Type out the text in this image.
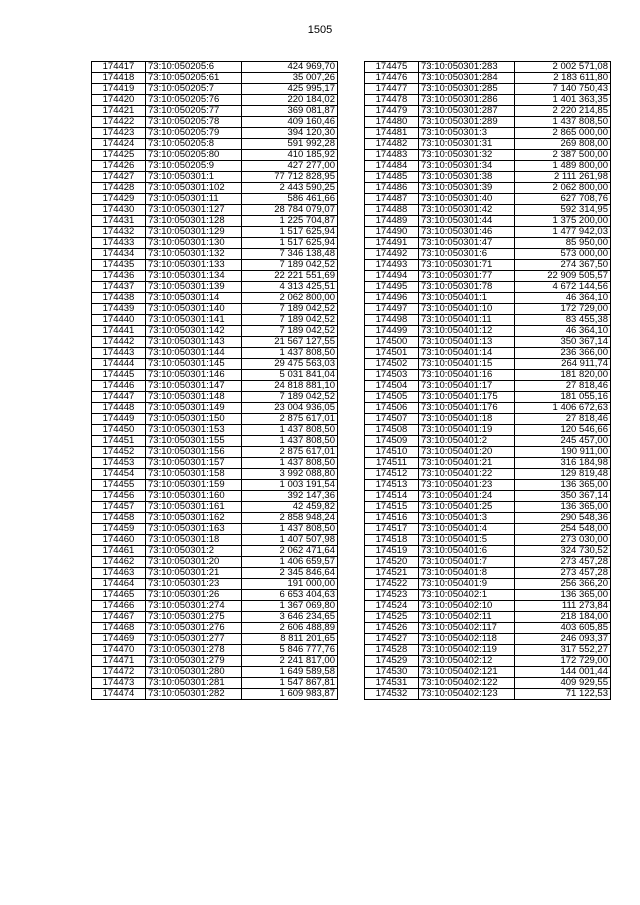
1505
174417	73:10:050205:6	424 969,70
174418	73:10:050205:61	35 007,26
174419	73:10:050205:7	425 995,17
174420	73:10:050205:76	220 184,02
174421	73:10:050205:77	369 081,87
174422	73:10:050205:78	409 160,46
174423	73:10:050205:79	394 120,30
174424	73:10:050205:8	591 992,28
174425	73:10:050205:80	410 185,92
174426	73:10:050205:9	427 277,00
174427	73:10:050301:1	77 712 828,95
174428	73:10:050301:102	2 443 590,25
174429	73:10:050301:11	586 461,66
174430	73:10:050301:127	28 784 079,07
174431	73:10:050301:128	1 225 704,87
174432	73:10:050301:129	1 517 625,94
174433	73:10:050301:130	1 517 625,94
174434	73:10:050301:132	7 346 138,48
174435	73:10:050301:133	7 189 042,52
174436	73:10:050301:134	22 221 551,69
174437	73:10:050301:139	4 313 425,51
174438	73:10:050301:14	2 062 800,00
174439	73:10:050301:140	7 189 042,52
174440	73:10:050301:141	7 189 042,52
174441	73:10:050301:142	7 189 042,52
174442	73:10:050301:143	21 567 127,55
174443	73:10:050301:144	1 437 808,50
174444	73:10:050301:145	29 475 563,03
174445	73:10:050301:146	5 031 841,04
174446	73:10:050301:147	24 818 881,10
174447	73:10:050301:148	7 189 042,52
174448	73:10:050301:149	23 004 936,05
174449	73:10:050301:150	2 875 617,01
174450	73:10:050301:153	1 437 808,50
174451	73:10:050301:155	1 437 808,50
174452	73:10:050301:156	2 875 617,01
174453	73:10:050301:157	1 437 808,50
174454	73:10:050301:158	3 992 088,80
174455	73:10:050301:159	1 003 191,54
174456	73:10:050301:160	392 147,36
174457	73:10:050301:161	42 459,82
174458	73:10:050301:162	2 858 948,24
174459	73:10:050301:163	1 437 808,50
174460	73:10:050301:18	1 407 507,98
174461	73:10:050301:2	2 062 471,64
174462	73:10:050301:20	1 406 659,57
174463	73:10:050301:21	2 345 846,64
174464	73:10:050301:23	191 000,00
174465	73:10:050301:26	6 653 404,63
174466	73:10:050301:274	1 367 069,80
174467	73:10:050301:275	3 646 234,65
174468	73:10:050301:276	2 606 488,89
174469	73:10:050301:277	8 811 201,65
174470	73:10:050301:278	5 846 777,76
174471	73:10:050301:279	2 241 817,00
174472	73:10:050301:280	1 649 589,58
174473	73:10:050301:281	1 547 867,81
174474	73:10:050301:282	1 609 983,87
174475	73:10:050301:283	2 002 571,08
174476	73:10:050301:284	2 183 611,80
174477	73:10:050301:285	7 140 750,43
174478	73:10:050301:286	1 401 363,35
174479	73:10:050301:287	2 220 214,85
174480	73:10:050301:289	1 437 808,50
174481	73:10:050301:3	2 865 000,00
174482	73:10:050301:31	269 808,00
174483	73:10:050301:32	2 387 500,00
174484	73:10:050301:34	1 489 800,00
174485	73:10:050301:38	2 111 261,98
174486	73:10:050301:39	2 062 800,00
174487	73:10:050301:40	627 708,76
174488	73:10:050301:42	592 314,95
174489	73:10:050301:44	1 375 200,00
174490	73:10:050301:46	1 477 942,03
174491	73:10:050301:47	85 950,00
174492	73:10:050301:6	573 000,00
174493	73:10:050301:71	274 367,50
174494	73:10:050301:77	22 909 505,57
174495	73:10:050301:78	4 672 144,56
174496	73:10:050401:1	46 364,10
174497	73:10:050401:10	172 729,00
174498	73:10:050401:11	83 455,38
174499	73:10:050401:12	46 364,10
174500	73:10:050401:13	350 367,14
174501	73:10:050401:14	236 366,00
174502	73:10:050401:15	264 911,74
174503	73:10:050401:16	181 820,00
174504	73:10:050401:17	27 818,46
174505	73:10:050401:175	181 055,16
174506	73:10:050401:176	1 406 672,63
174507	73:10:050401:18	27 818,46
174508	73:10:050401:19	120 546,66
174509	73:10:050401:2	245 457,00
174510	73:10:050401:20	190 911,00
174511	73:10:050401:21	316 184,98
174512	73:10:050401:22	129 819,48
174513	73:10:050401:23	136 365,00
174514	73:10:050401:24	350 367,14
174515	73:10:050401:25	136 365,00
174516	73:10:050401:3	290 548,36
174517	73:10:050401:4	254 548,00
174518	73:10:050401:5	273 030,00
174519	73:10:050401:6	324 730,52
174520	73:10:050401:7	273 457,28
174521	73:10:050401:8	273 457,28
174522	73:10:050401:9	256 366,20
174523	73:10:050402:1	136 365,00
174524	73:10:050402:10	111 273,84
174525	73:10:050402:11	218 184,00
174526	73:10:050402:117	403 605,85
174527	73:10:050402:118	246 093,37
174528	73:10:050402:119	317 552,27
174529	73:10:050402:12	172 729,00
174530	73:10:050402:121	144 001,44
174531	73:10:050402:122	409 929,55
174532	73:10:050402:123	71 122,53
